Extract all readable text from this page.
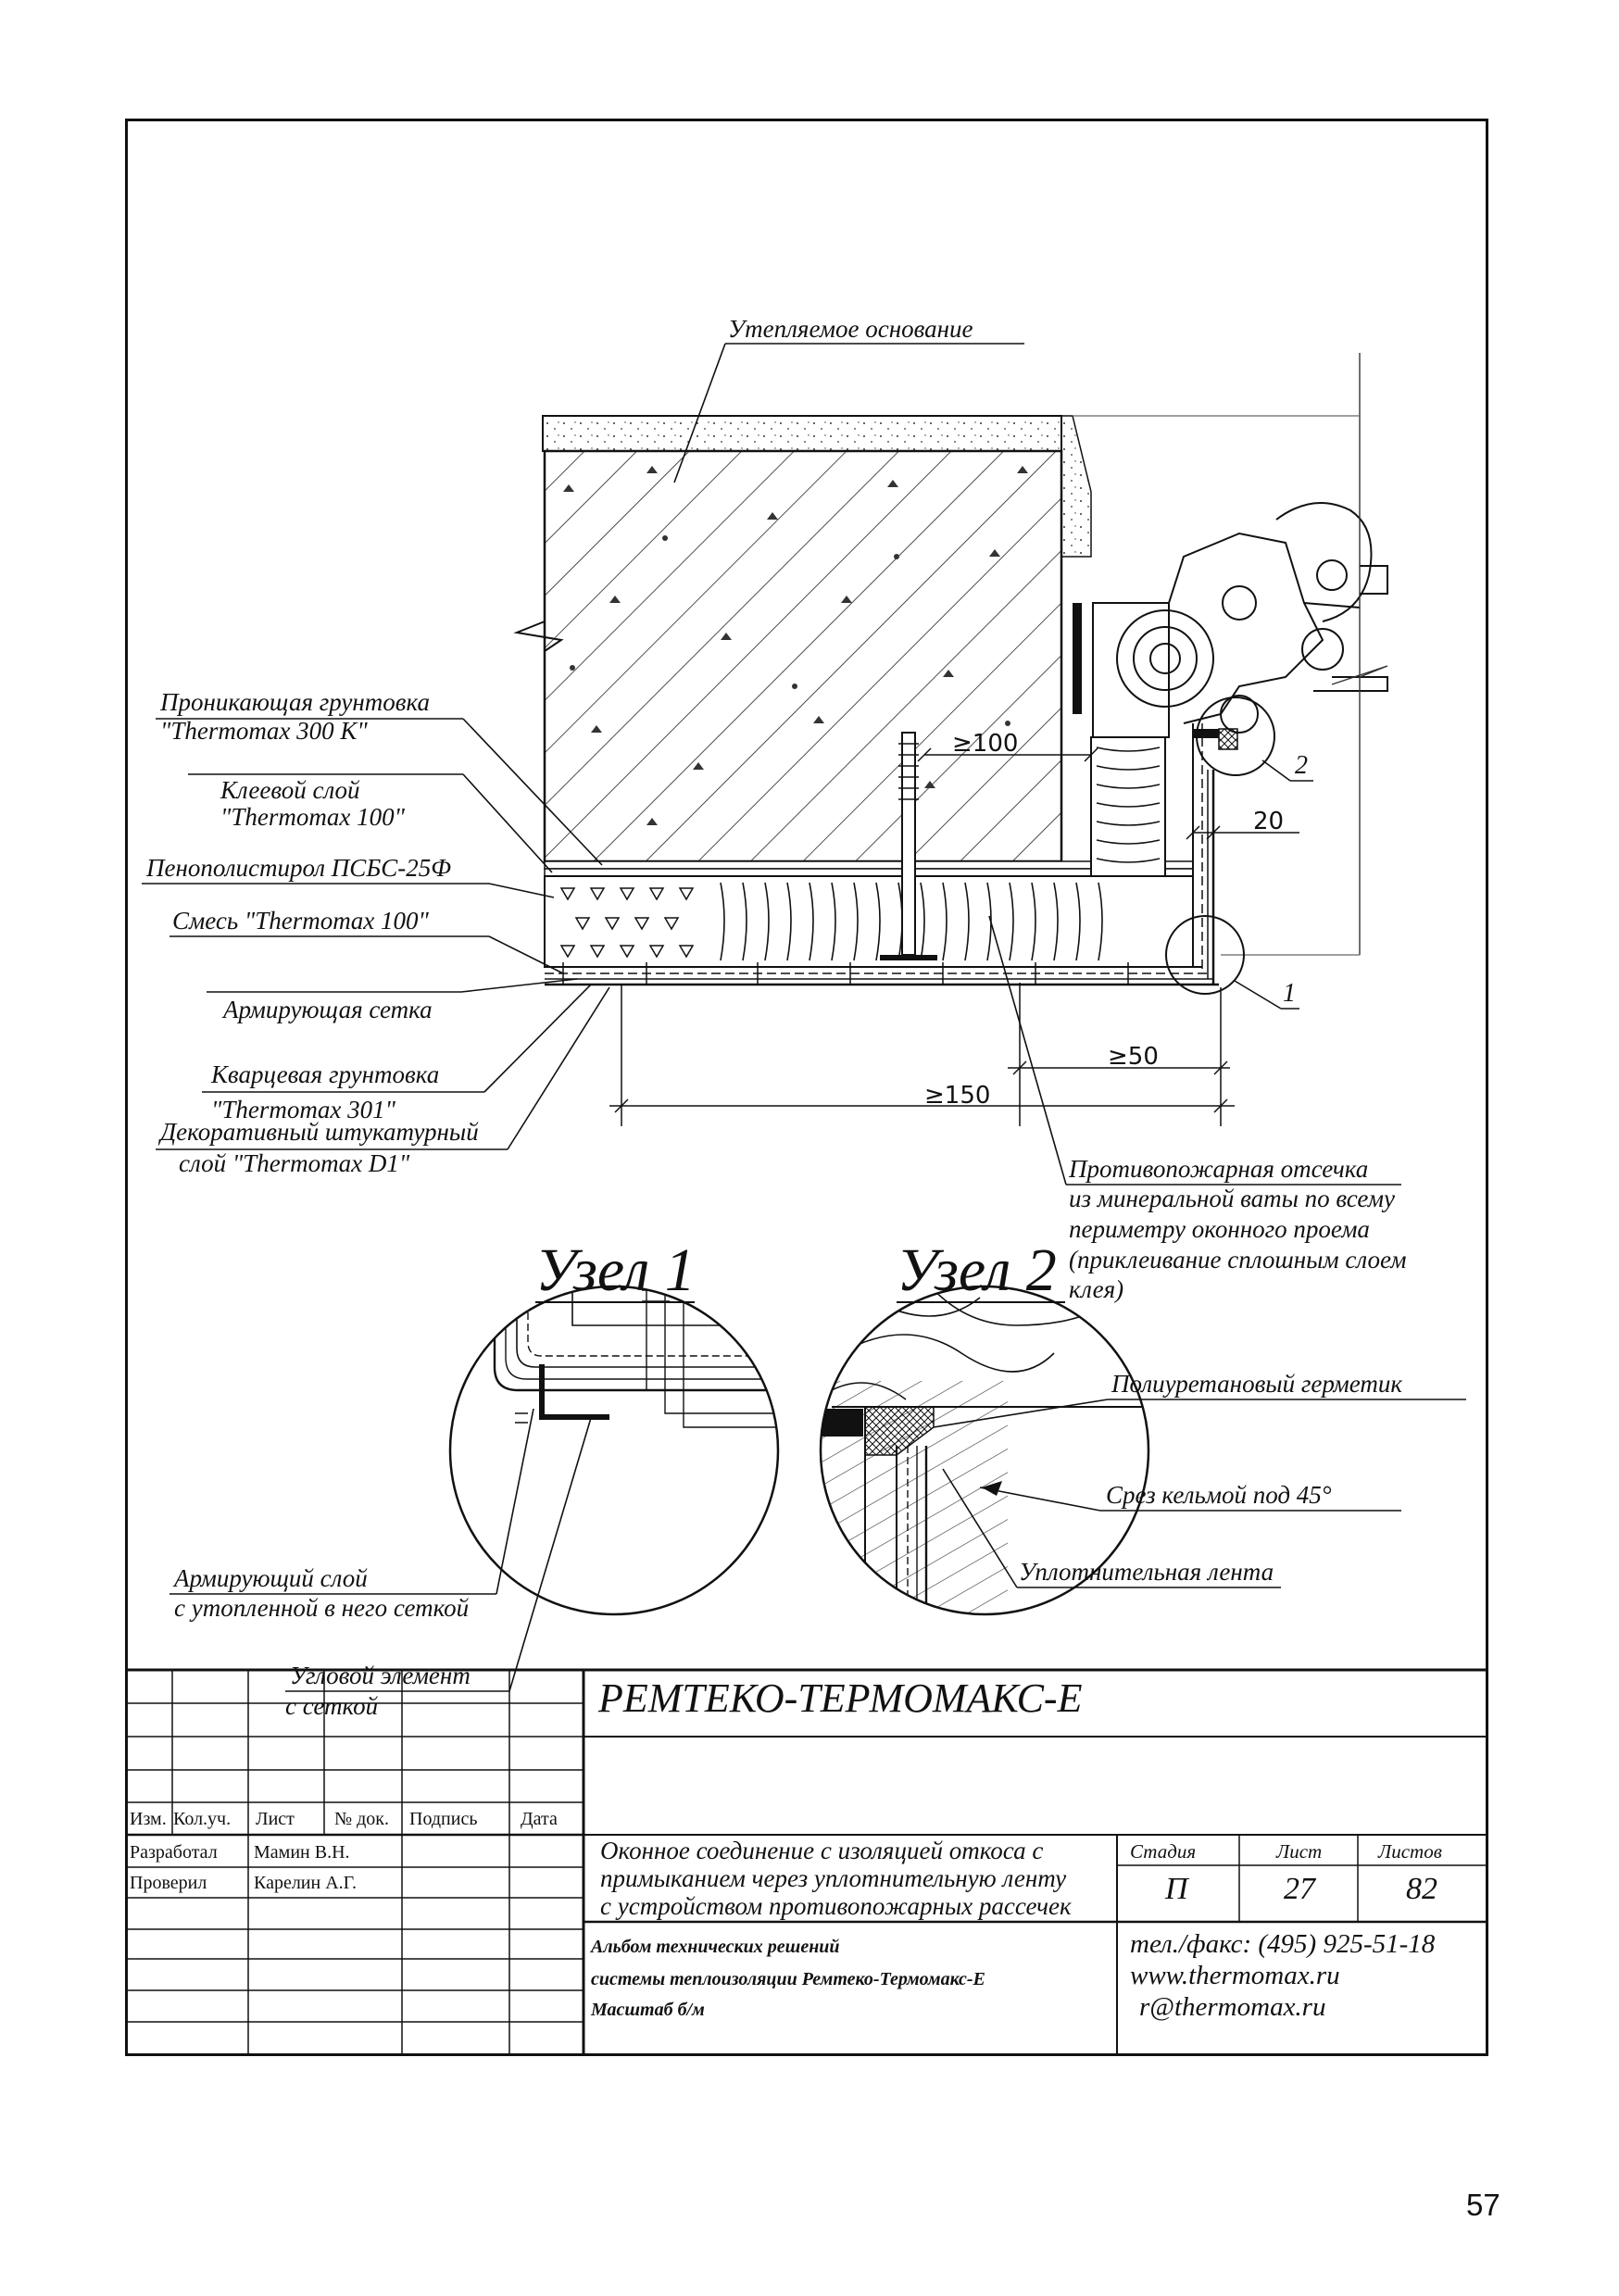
Утепляемое основание
Проникающая грунтовка
"Thermomax 300 K"
Клеевой слой
"Thermomax 100"
Пенополистирол ПСБС-25Ф
Смесь "Thermomax 100"
Армирующая сетка
Кварцевая грунтовка
"Thermomax 301"
Декоративный штукатурный
слой "Thermomax D1"	Противопожарная отсечка
из минеральной ваты по всему
периметру оконного проема
(приклеивание сплошным слоем
клея)
≥100
20
≥50
≥150
1
2
Узел 1	Узел 2
Армирующий слой
с утопленной в него сеткой
Угловой элемент
с сеткой
Полиуретановый герметик
Срез кельмой под 45°
Уплотнительная лента
РЕМТЕКО-ТЕРМОМАКС-Е
Изм. Кол.уч. Лист № док. Подпись Дата
Разработал Мамин В.Н.
Проверил	Карелин А.Г.
Оконное соединение с изоляцией откоса с
примыканием через уплотнительную ленту
с устройством противопожарных рассечек
Стадия	Лист	Листов
П	27	82
Альбом технических решений
системы теплоизоляции Ремтеко-Термомакс-Е
Масштаб б/м
тел./факс: (495) 925-51-18
www.thermomax.ru
r@thermomax.ru
57
